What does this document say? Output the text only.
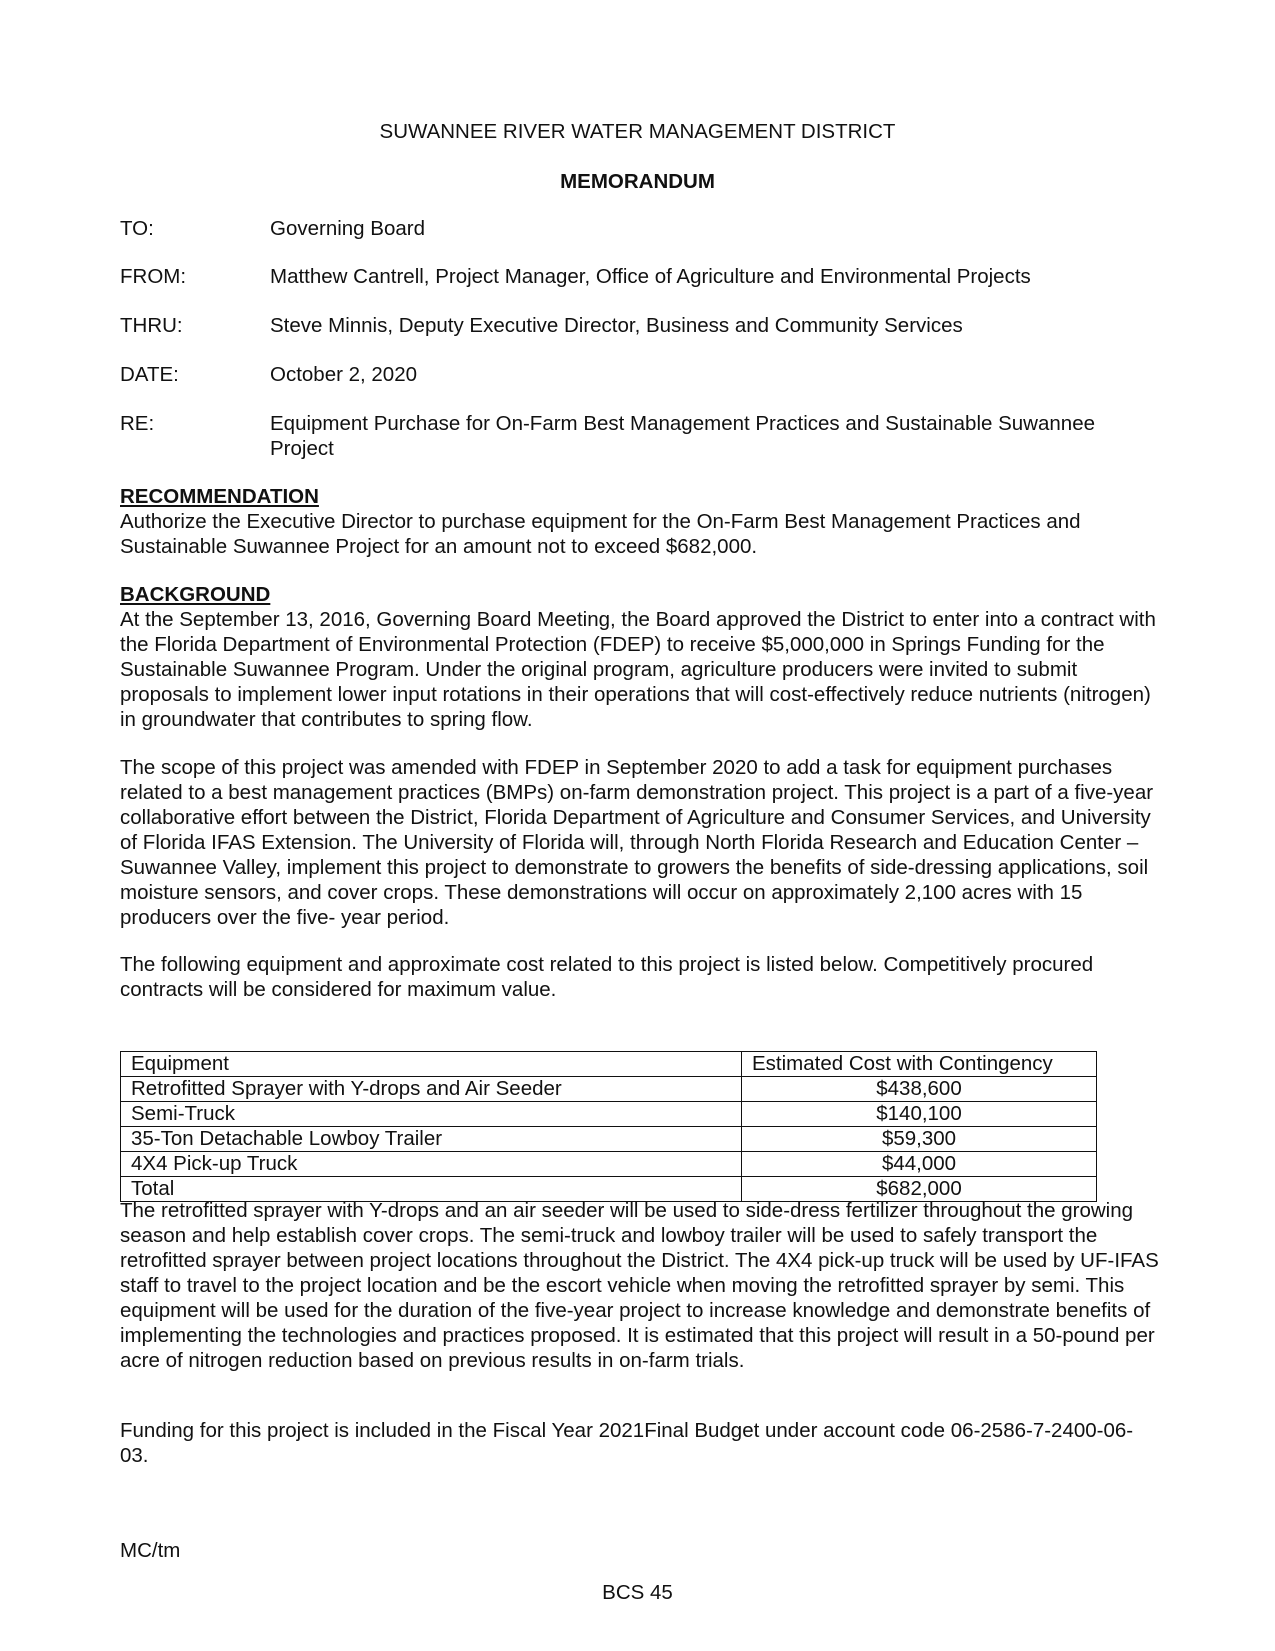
SUWANNEE RIVER WATER MANAGEMENT DISTRICT
MEMORANDUM
TO:	Governing Board
FROM:	Matthew Cantrell, Project Manager, Office of Agriculture and Environmental Projects
THRU:	Steve Minnis, Deputy Executive Director, Business and Community Services
DATE:	October 2, 2020
RE:	Equipment Purchase for On-Farm Best Management Practices and Sustainable Suwannee
Project
RECOMMENDATION

Authorize the Executive Director to purchase equipment for the On-Farm Best Management Practices and Sustainable Suwannee Project for an amount not to exceed $682,000.

BACKGROUND

At the September 13, 2016, Governing Board Meeting, the Board approved the District to enter into a contract with the Florida Department of Environmental Protection (FDEP) to receive $5,000,000 in Springs Funding for the Sustainable Suwannee Program. Under the original program, agriculture producers were invited to submit proposals to implement lower input rotations in their operations that will cost-effectively reduce nutrients (nitrogen) in groundwater that contributes to spring flow.

The scope of this project was amended with FDEP in September 2020 to add a task for equipment purchases related to a best management practices (BMPs) on-farm demonstration project. This project is a part of a five-year collaborative effort between the District, Florida Department of Agriculture and Consumer Services, and University of Florida IFAS Extension. The University of Florida will, through North Florida Research and Education Center – Suwannee Valley, implement this project to demonstrate to growers the benefits of side-dressing applications, soil moisture sensors, and cover crops. These demonstrations will occur on approximately 2,100 acres with 15 producers over the five- year period.

The following equipment and approximate cost related to this project is listed below. Competitively procured contracts will be considered for maximum value.

Equipment	Estimated Cost with Contingency
Retrofitted Sprayer with Y-drops and Air Seeder	$438,600
Semi-Truck	$140,100
35-Ton Detachable Lowboy Trailer	$59,300
4X4 Pick-up Truck	$44,000
Total	$682,000

The retrofitted sprayer with Y-drops and an air seeder will be used to side-dress fertilizer throughout the growing season and help establish cover crops. The semi-truck and lowboy trailer will be used to safely transport the retrofitted sprayer between project locations throughout the District. The 4X4 pick-up truck will be used by UF-IFAS staff to travel to the project location and be the escort vehicle when moving the retrofitted sprayer by semi. This equipment will be used for the duration of the five-year project to increase knowledge and demonstrate benefits of implementing the technologies and practices proposed. It is estimated that this project will result in a 50-pound per acre of nitrogen reduction based on previous results in on-farm trials.

Funding for this project is included in the Fiscal Year 2021Final Budget under account code 06-2586-7-2400-06-03.

MC/tm
BCS 45
